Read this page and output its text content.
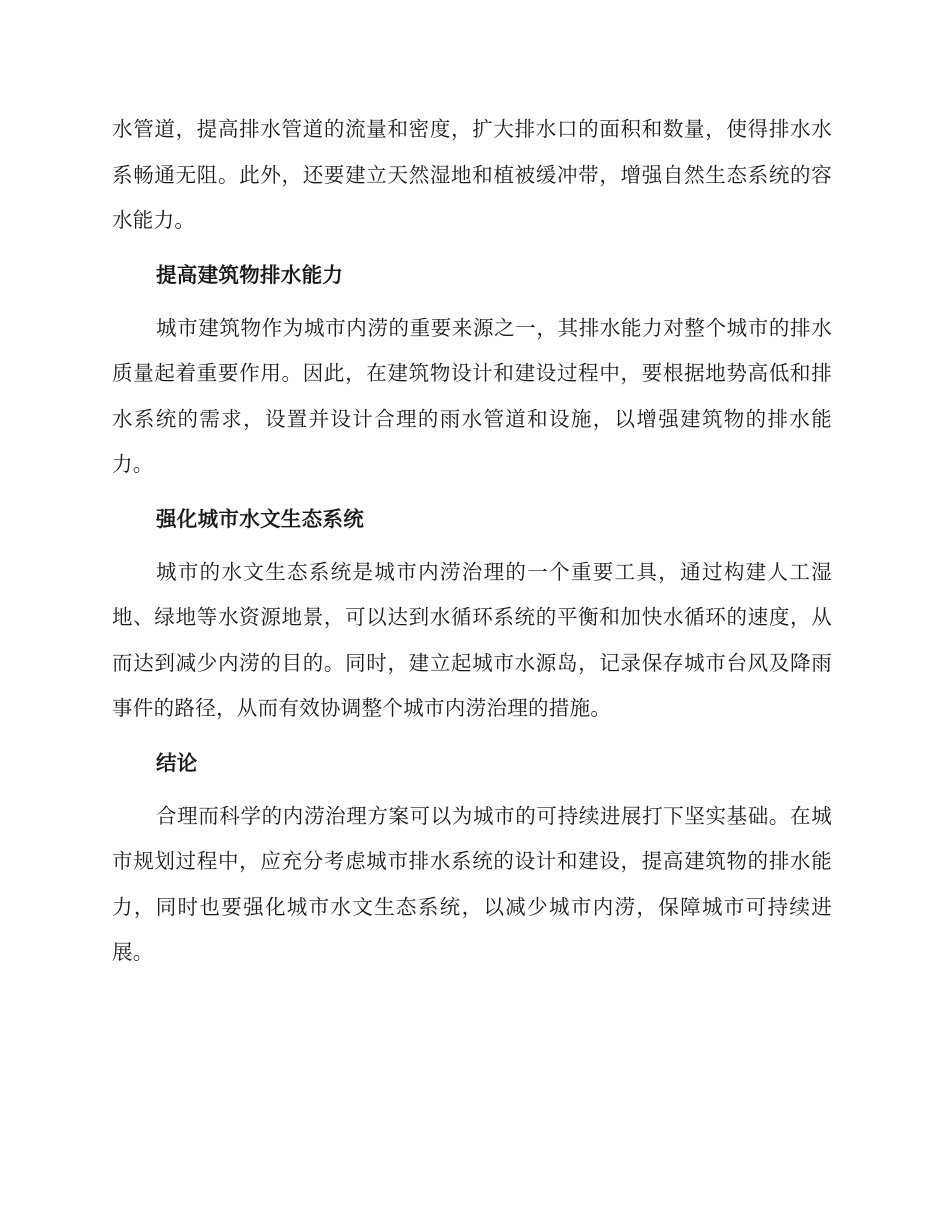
水管道，提高排水管道的流量和密度，扩大排水口的面积和数量，使得排水水系畅通无阻。此外，还要建立天然湿地和植被缓冲带，增强自然生态系统的容水能力。

提高建筑物排水能力

城市建筑物作为城市内涝的重要来源之一，其排水能力对整个城市的排水质量起着重要作用。因此，在建筑物设计和建设过程中，要根据地势高低和排水系统的需求，设置并设计合理的雨水管道和设施，以增强建筑物的排水能力。

强化城市水文生态系统

城市的水文生态系统是城市内涝治理的一个重要工具，通过构建人工湿地、绿地等水资源地景，可以达到水循环系统的平衡和加快水循环的速度，从而达到减少内涝的目的。同时，建立起城市水源岛，记录保存城市台风及降雨事件的路径，从而有效协调整个城市内涝治理的措施。

结论

合理而科学的内涝治理方案可以为城市的可持续进展打下坚实基础。在城市规划过程中，应充分考虑城市排水系统的设计和建设，提高建筑物的排水能力，同时也要强化城市水文生态系统，以减少城市内涝，保障城市可持续进展。
